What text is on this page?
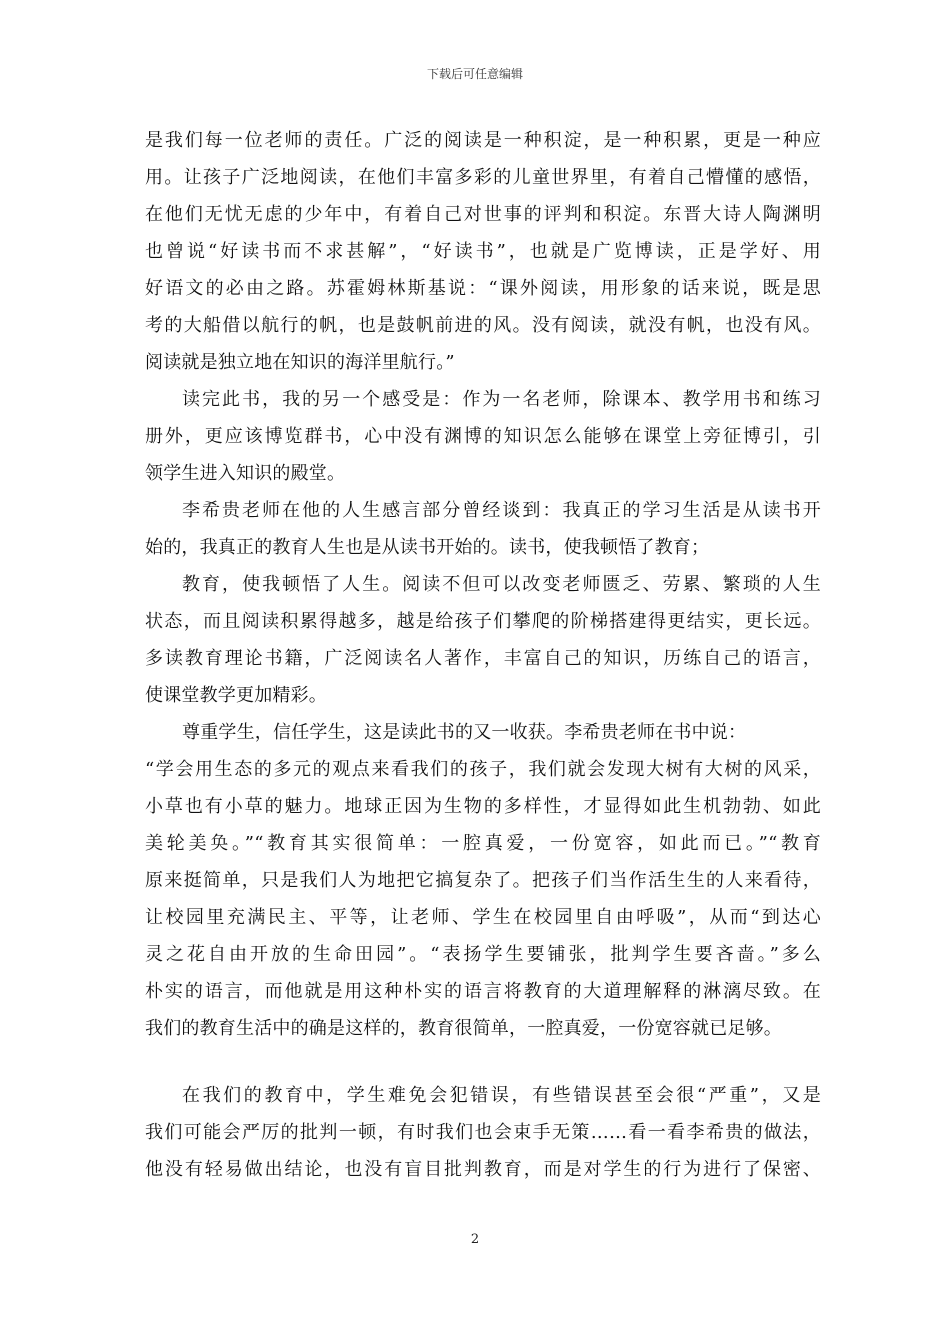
下载后可任意编辑
是我们每一位老师的责任。广泛的阅读是一种积淀，是一种积累，更是一种应
用。让孩子广泛地阅读，在他们丰富多彩的儿童世界里，有着自己懵懂的感悟，
在他们无忧无虑的少年中，有着自己对世事的评判和积淀。东晋大诗人陶渊明
也曾说“好读书而不求甚解”，“好读书”，也就是广览博读，正是学好、用
好语文的必由之路。苏霍姆林斯基说：“课外阅读，用形象的话来说，既是思
考的大船借以航行的帆，也是鼓帆前进的风。没有阅读，就没有帆，也没有风。
阅读就是独立地在知识的海洋里航行。”
读完此书，我的另一个感受是：作为一名老师，除课本、教学用书和练习
册外，更应该博览群书，心中没有渊博的知识怎么能够在课堂上旁征博引，引
领学生进入知识的殿堂。
李希贵老师在他的人生感言部分曾经谈到：我真正的学习生活是从读书开
始的，我真正的教育人生也是从读书开始的。读书，使我顿悟了教育；
教育，使我顿悟了人生。阅读不但可以改变老师匮乏、劳累、繁琐的人生
状态，而且阅读积累得越多，越是给孩子们攀爬的阶梯搭建得更结实，更长远。
多读教育理论书籍，广泛阅读名人著作，丰富自己的知识，历练自己的语言，
使课堂教学更加精彩。
尊重学生，信任学生，这是读此书的又一收获。李希贵老师在书中说：
“学会用生态的多元的观点来看我们的孩子，我们就会发现大树有大树的风采，
小草也有小草的魅力。地球正因为生物的多样性，才显得如此生机勃勃、如此
美轮美奂。”“教育其实很简单：一腔真爱，一份宽容，如此而已。”“教育
原来挺简单，只是我们人为地把它搞复杂了。把孩子们当作活生生的人来看待，
让校园里充满民主、平等，让老师、学生在校园里自由呼吸”，从而“到达心
灵之花自由开放的生命田园”。“表扬学生要铺张，批判学生要吝啬。”多么
朴实的语言，而他就是用这种朴实的语言将教育的大道理解释的淋漓尽致。在
我们的教育生活中的确是这样的，教育很简单，一腔真爱，一份宽容就已足够。
在我们的教育中，学生难免会犯错误，有些错误甚至会很“严重”，又是
我们可能会严厉的批判一顿，有时我们也会束手无策……看一看李希贵的做法，
他没有轻易做出结论，也没有盲目批判教育，而是对学生的行为进行了保密、
2
